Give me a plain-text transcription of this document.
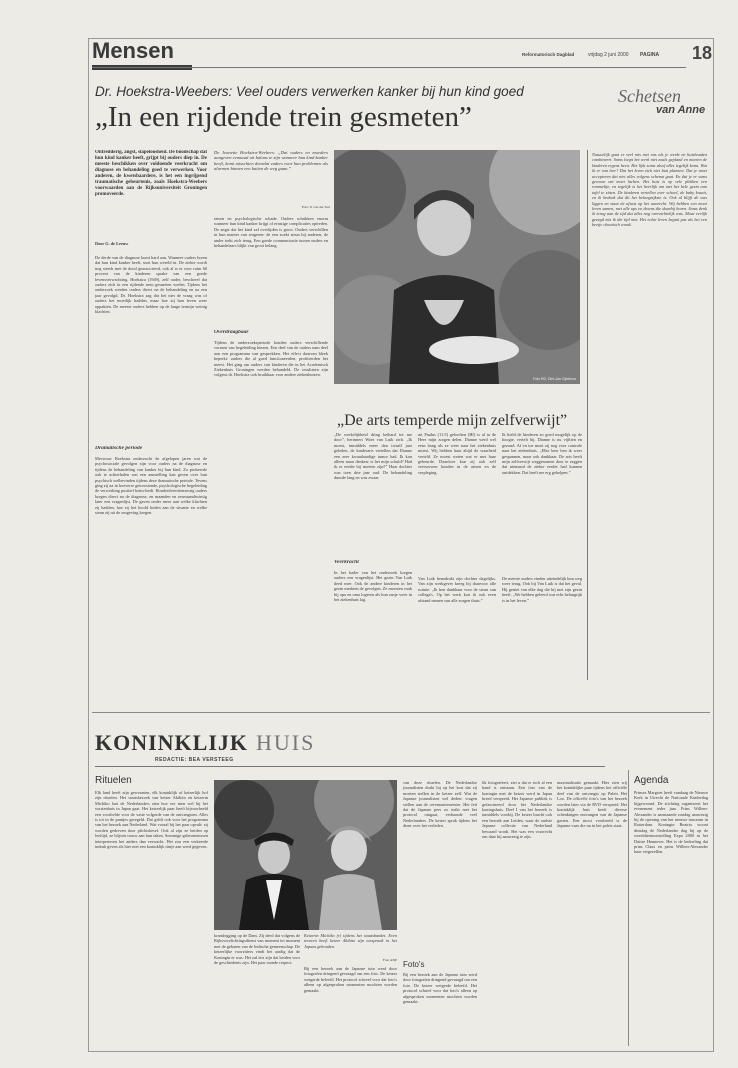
Mensen	Reformatorisch Dagblad	vrijdag 2 juni 2000 PAGINA 18
Dr. Hoekstra-Weebers: Veel ouders verwerken kanker bij hun kind goed
„In een rijdende trein gesmeten”
Schetsen
van Anne
Natuurlijk gaat er veel mis met ons als je werkt en huishouden combineert. Soms loopt het werk niet zoals gepland en moeten de kinderen ergens heen. Het lijkt soms alsof alles tegelijk komt. Wat ik er van leer? Dat het leven zich niet laat plannen. Dat je moet accepteren dat niet alles volgens schema gaat. En dat je er soms gewoon om moet lachen. Het huis is op vele plekken een rommeltje, en tegelijk is het heerlijk om met het hele gezin aan tafel te zitten. De kinderen vertellen over school, de baby kraait, en ik bedenk dat dit het belangrijkste is. Ook al blijft de was liggen en staat de afwas op het aanrecht. Wij hebben een mooi leven samen, met alle ups en downs die daarbij horen. Soms denk ik terug aan de tijd dat alles nog overzichtelijk was. Maar eerlijk gezegd mis ik die tijd niet. Het echte leven begint pas als het een beetje chaotisch wordt.
Ontredderig, angst, slapeloosheid. De boodschap dat hun kind kanker heeft, grijpt bij ouders diep in. De meeste beschikken over voldoende veerkracht om diagnose en behandeling goed te verwerken. Voor anderen, de kwetsbaardere, is het een ingrijpend traumatische gebeurtenis, zoals Hoekstra-Weebers voorwaarden aan de Rijksuniversiteit Groningen promoveerde.
Door G. de Leeuw
De derde van de diagnose komt hard aan. Wanneer ouders horen dat hun kind kanker heeft, stort hun wereld in. De ziekte wordt nog steeds met de dood geassocieerd, ook al is er voor ruim 60 procent van de kinderen sprake van een goede levensverwachting. Hoekstra (1949), zelf ouder, beschreef dat ouders zich in een rijdende trein gesmeten voelen. Tijdens het onderzoek werden ouders direct na de behandeling en na een jaar gevolgd. Dr. Hoekstra zag dat het niet de vraag was of ouders het moeilijk hadden, maar hoe zij hun leven weer oppakten. De meeste ouders hebben op de lange termijn weinig klachten.
Dramatische periode
Mevrouw Hoekstra onderzocht de afgelopen jaren wat de psychosociale gevolgen zijn voor ouders na de diagnose en tijdens de behandeling van kanker bij hun kind. Zo probeerde ook te achterhalen wat een aanstelling kan geven over hun psychisch welbevinden tijdens deze dramatische periode. Tevens ging zij na in hoeverre getroostende, psychologische begeleiding de verwerking positief beïnvloedt. Honderdveertienzestig ouders kregen direct na de diagnose, en maanden en zesmaandtwintig later een vragenlijst. De gaven onder meer aan welke klachten zij hadden, hoe zij het hoofd boden aan de situatie en welke steun zij uit de omgeving kregen.
De Jeanette Hoekstra-Weebers: „Dat ouders en moeders aangeven eenmaal uit balans te zijn wanneer hun kind kanker heeft, komt misschien doordat vaders voor hun problemen als alarmen binnen een buiten de weg gaan.”
Foto: P. van der Stel
tatsen en psychologische schade. Ouders schrikken enorm wanneer hun kind kanker krijgt of ernstige complicaties optreden. De angst dat het kind zal overlijden is groot. Ouders verschillen in hun manier van reageren: de een zoekt steun bij anderen, de ander trekt zich terug. Een goede communicatie tussen ouders en behandelaars blijkt van groot belang.
Overdraagbaar
Tijdens de onderzoeksperiode konden ouders verschillende vormen van begeleiding kiezen. Een deel van de ouders nam deel aan een programma van gesprekken. Het effect daarvan bleek beperkt: ouders die al goed functioneerden, profiteerden het meest. Het ging om ouders van kinderen die in het Academisch Ziekenhuis Groningen werden behandeld. De resultaten zijn volgens dr. Hoekstra ook bruikbaar voor andere ziekenhuizen.
Foto RD, Dirk-Jan Gjeltema
„De arts temperde mijn zelfverwijt”
„De werkelijkheid dring keihard tot me door”, herinnert Woet van Luik zich. „Ik moest, inmiddels meer dan twaalf jaar geleden, de kinderarts vertellen dat Dianne een zeer kwaadaardige tumor had. Ik kon alleen maar denken: is het mijn schuld? Had ik er eerder bij moeten zijn?” Haar dochter was toen drie jaar oud. De behandeling duurde lang en was zwaar.
Veerkracht
In het kader van het onderzoek kregen ouders een vragenlijst. Het gezin Van Luik deed mee. Ook de andere kinderen in het gezin merkten de gevolgen. Ze moesten vaak bij opa en oma logeren als hun zusje weer in het ziekenhuis lag.
uit Paulus (11:5) gelooften (Hf) is al tu de Heer mijn zorgen delen. Dianne werd wel eens bang als ze weer naar het ziekenhuis moest. Wij hebben haar altijd de waarheid verteld. Ze moest weten wat er met haar gebeurde. Daardoor kon zij ook zelf vertrouwen houden in de artsen en de verpleging.
Van Luik benadrukt zijn dochter dagelijks. Van zijn werkgever kreeg hij daarvoor alle ruimte. „Ik ben dankbaar voor de steun van collega's. Op het werk kon ik ook even afstand nemen van alle zorgen thuis.”
Ik hield de kinderen zo goed mogelijk op de hoogte, vertelt hij. Dianne is nu vijftien en gezond. Af en toe moet zij nog voor controle naar het ziekenhuis. „Elke keer ben ik weer gespannen, maar ook dankbaar. De arts heeft mijn zelfverwijt weggenomen door te zeggen dat niemand de ziekte eerder had kunnen ontdekken. Dat heeft me erg geholpen.”
De meeste ouders vinden uiteindelijk hun weg weer terug. Ook bij Van Luik is dat het geval. Hij geniet van elke dag die hij met zijn gezin heeft. „We hebben geleerd wat echt belangrijk is in het leven.”
KONINKLIJK HUIS
REDACTIE: BEA VERSTEEG
Rituelen
Elk land heeft zijn gewoonten, elk koninklijk of keizerlijk hof zijn rituelen. Het staatsbezoek van keizer Akihito en keizerin Michiko laat de Nederlanders zien hoe ver men wel bij het vorstenhuis in Japan gaat. Het keizerlijk paar heeft bijvoorbeeld een voorliefde voor de vaste volgorde van de ontvangsten. Alles is tot in de puntjes geregeld. Dat geldt ook voor het programma van het bezoek aan Nederland. Wat vooral bij het paar opvalt: zij worden gedreven door plichtsbesef. Ook al zijn ze beiden op leeftijd, ze blijven trouw aan hun taken. Sommige gebeurtenissen interpreteren het anders dan verwacht. Het zou een verkeerde indruk geven als hier niet een koninklijk tintje aan werd gegeven.
Keizerin Michiko (r) tijdens het staatsbanket. Even tevoren heeft keizer Akihito zijn toespraak in het Japans gehouden.
Foto ANP
kranslegging op de Dam. Zij deed dat volgens de Rijksvoorlichtingsdienst van moment tot moment met de gebaren van de Indische gemeenschap. De keizerlijke voorzitters vindt het aardig dat de Koningin er was. Het zal iets zijn dat beiden voor de geschiedenis zijn. Het paar toonde respect.
Bij een bezoek aan de Japanse tuin werd door fotografen dringend gevraagd om een foto. De keizer weigerde beleefd. Het protocol schreef voor dat foto's alleen op afgesproken momenten mochten worden gemaakt.
van deze rituelen. De Nederlandse journalisten drukt bij op het kort dat zij moeten stellen in de keizer zelf. Wat de Japanse journalisten wel deden: vragen stellen aan de ceremoniemeester. Het feit dat de Japanse pers zo strikt met het protocol omgaat, verbaasde veel Nederlanders. De keizer sprak tijdens het diner over het verleden.
Foto's
Bij een bezoek aan de Japanse tuin werd door fotografen dringend gevraagd om een foto. De keizer weigerde beleefd. Het protocol schreef voor dat foto's alleen op afgesproken momenten mochten worden gemaakt.
lik fotografeert, ziet u dat er toch al een band is ontstaan. Een foto van de koningin met de keizer werd in Japan breed verspreid. Het Japanse publiek is gefascineerd door het Nederlandse koningshuis. Deel I van het bezoek is inmiddels voorbij. De keizer bracht ook een bezoek aan Leiden, waar de oudste Japanse collectie van Nederland bewaard wordt. Het was een voorrecht om daar bij aanwezig te zijn.
maximalisatie gemaakt. Hier zien wij het koninklijke paar tijdens het officiële deel van de ontvangst op Paleis Het Loo. De officiële foto's van het bezoek worden later via de RVD verspreid. Het koninklijk huis heeft diverse schenkingen ontvangen van de Japanse gasten. Een mooi voorbeeld is de Japanse vaas die nu in het paleis staat.
Agenda
Prinses Margriet heeft vandaag de Nieuwe Kerk in Utrecht de Nationale Kinderdag bijgewoond. De stichting organiseert het evenement ieder jaar. Prins Willem-Alexander is aanstaande zondag aanwezig bij de opening van het nieuwe museum in Rotterdam. Koningin Beatrix woont dinsdag de Nederlandse dag bij op de wereldtentoonstelling Expo 2000 in het Duitse Hannover. Het is de bedoeling dat prins Claus en prins Willem-Alexander haar vergezellen.
